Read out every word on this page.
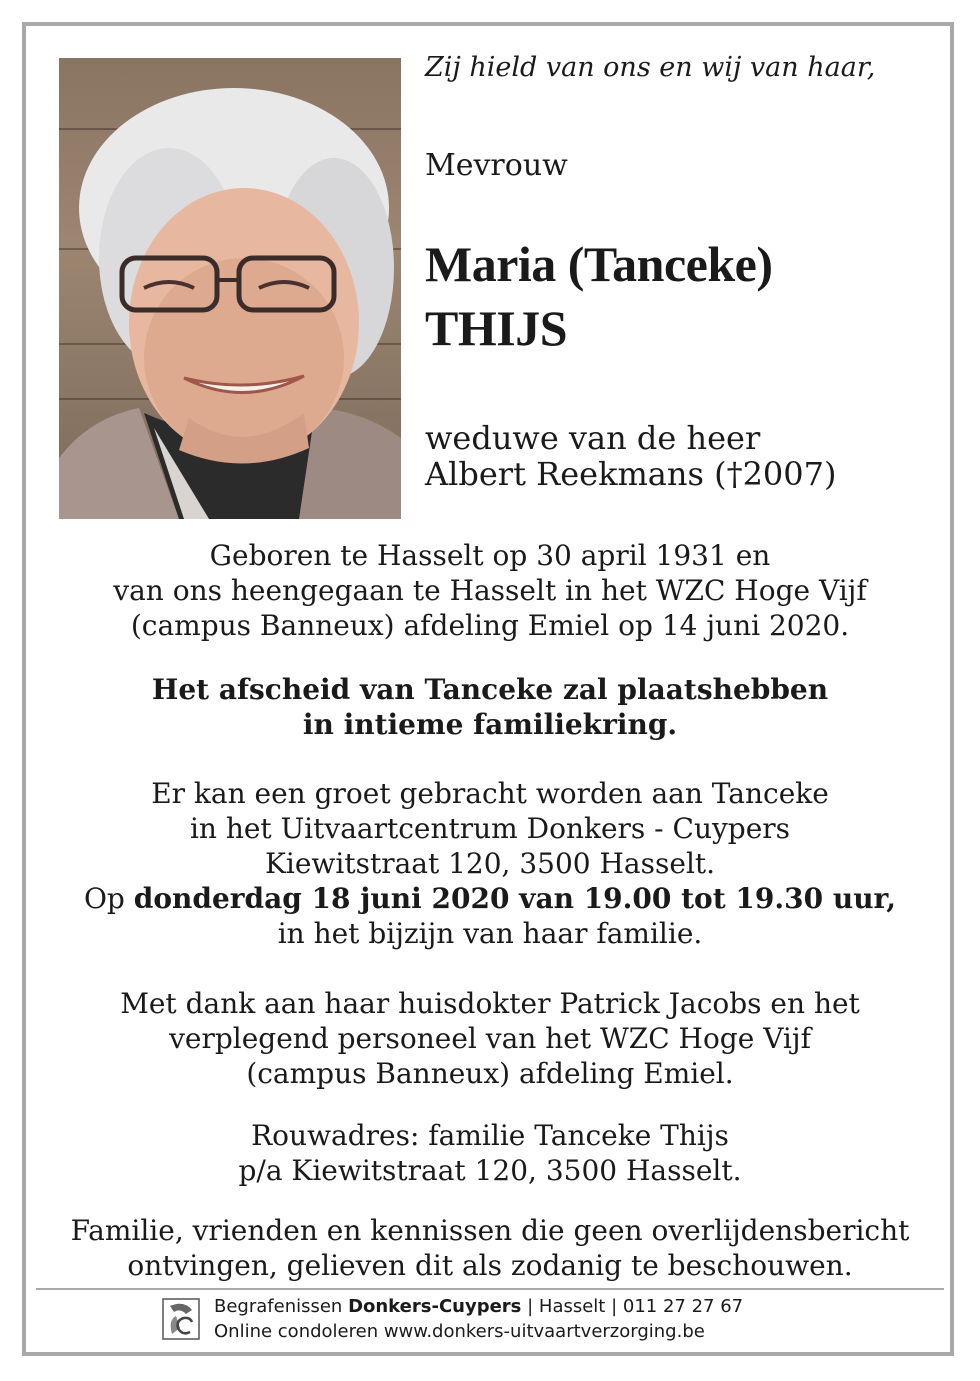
Zij hield van ons en wij van haar,
Mevrouw
Maria (Tanceke)
THIJS
weduwe van de heer
Albert Reekmans (†2007)
Geboren te Hasselt op 30 april 1931 en
van ons heengegaan te Hasselt in het WZC Hoge Vijf
(campus Banneux) afdeling Emiel op 14 juni 2020.
Het afscheid van Tanceke zal plaatshebben
in intieme familiekring.
Er kan een groet gebracht worden aan Tanceke
in het Uitvaartcentrum Donkers - Cuypers
Kiewitstraat 120, 3500 Hasselt.
Op donderdag 18 juni 2020 van 19.00 tot 19.30 uur,
in het bijzijn van haar familie.
Met dank aan haar huisdokter Patrick Jacobs en het
verplegend personeel van het WZC Hoge Vijf
(campus Banneux) afdeling Emiel.
Rouwadres: familie Tanceke Thijs
p/a Kiewitstraat 120, 3500 Hasselt.
Familie, vrienden en kennissen die geen overlijdensbericht
ontvingen, gelieven dit als zodanig te beschouwen.
Begrafenissen Donkers-Cuypers | Hasselt | 011 27 27 67
Online condoleren www.donkers-uitvaartverzorging.be
